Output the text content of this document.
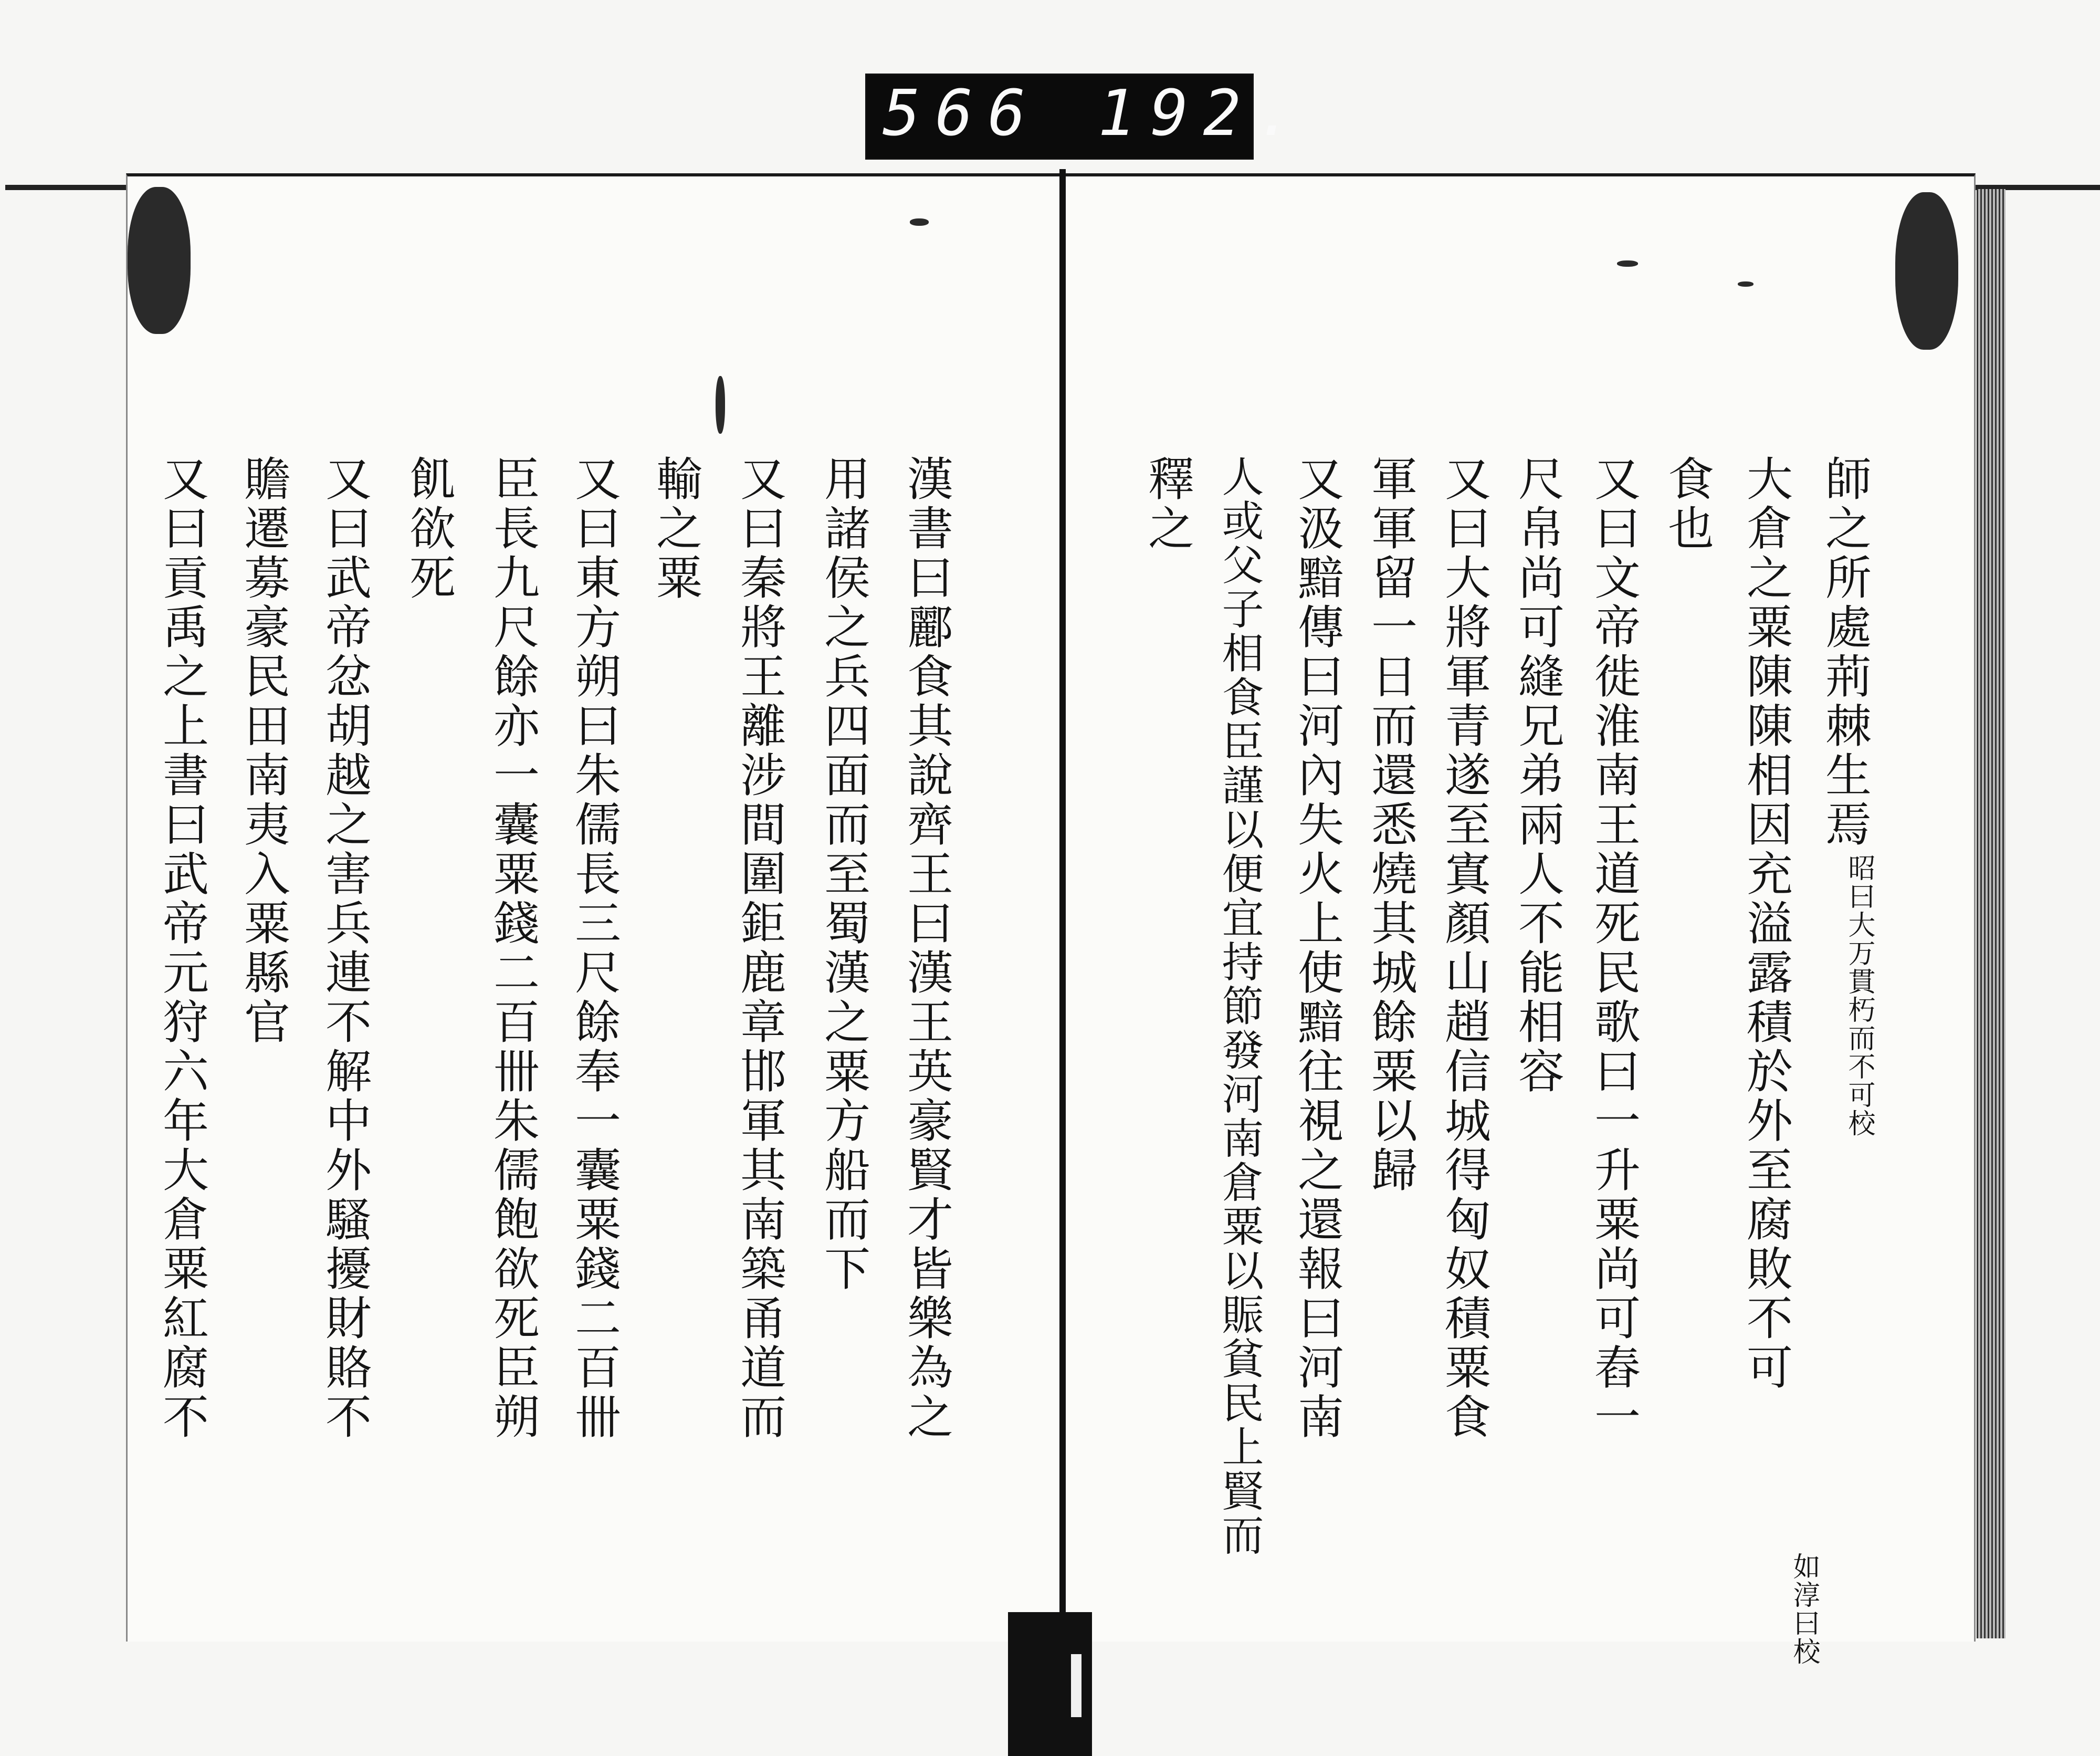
566 192.
漢書曰酈食其說齊王曰漢王英豪賢才皆樂為之
用諸侯之兵四面而至蜀漢之粟方船而下
又曰秦將王離涉間圍鉅鹿章邯軍其南築甬道而
輸之粟
又曰東方朔曰朱儒長三尺餘奉一囊粟錢二百卌
臣長九尺餘亦一囊粟錢二百卌朱儒飽欲死臣朔
飢欲死
又曰武帝忿胡越之害兵連不解中外騷擾財賂不
贍遷募豪民田南夷入粟縣官
又曰貢禹之上書曰武帝元狩六年大倉粟紅腐不	師之所處荊棘生焉
昭曰大万貫朽而不可校
大倉之粟陳陳相因充溢露積於外至腐敗不可
食也
又曰文帝徙淮南王道死民歌曰一升粟尚可舂一
尺帛尚可縫兄弟兩人不能相容
又曰大將軍青遂至寘顏山趙信城得匈奴積粟食
軍軍留一日而還悉燒其城餘粟以歸
又汲黯傳曰河內失火上使黯往視之還報曰河南
人或父子相食臣謹以便宜持節發河南倉粟以賑貧民上賢而
釋之
如淳曰校
